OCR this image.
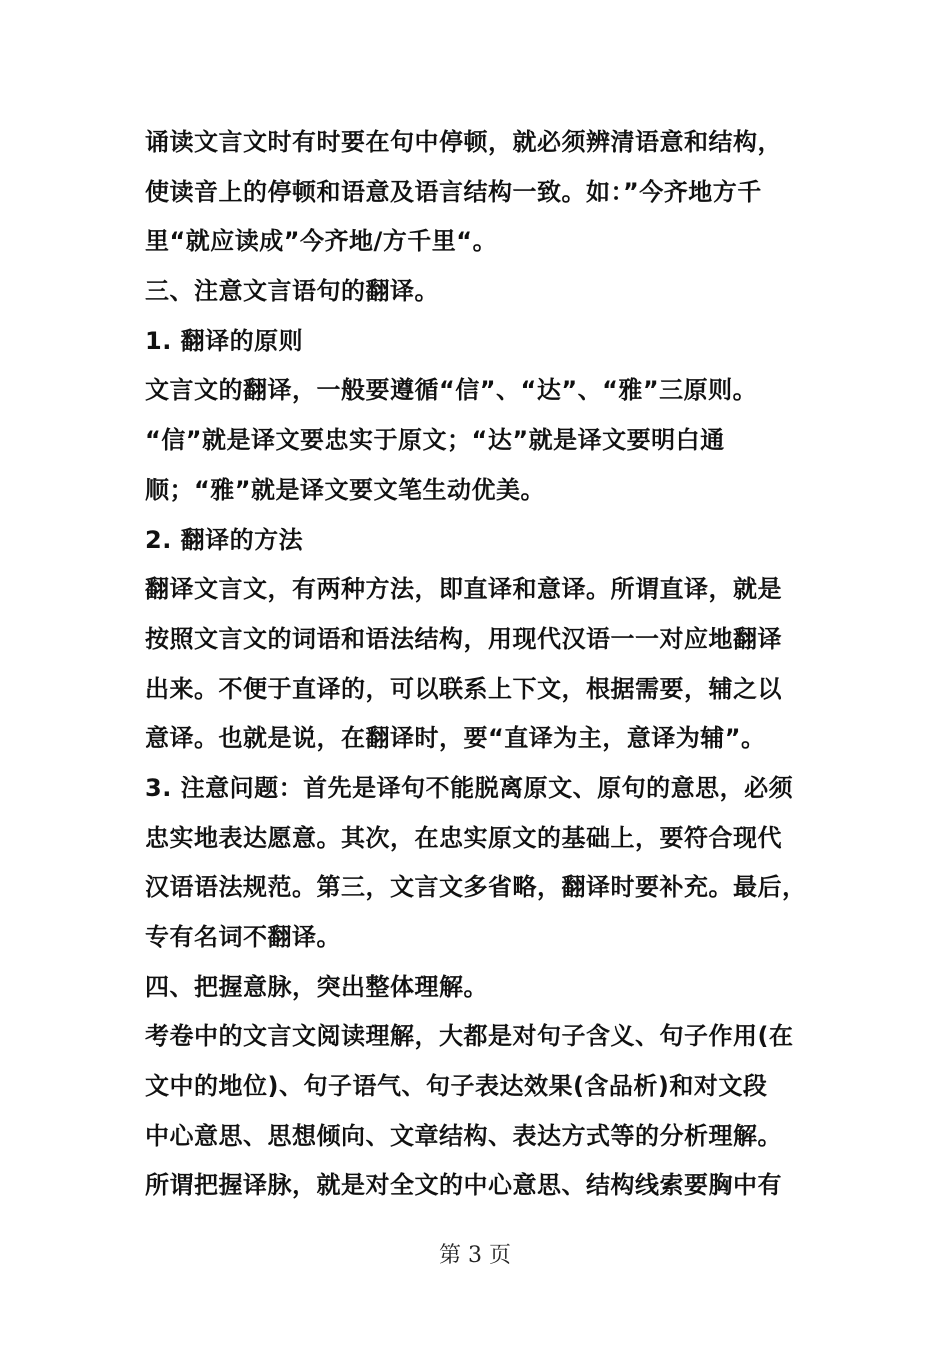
诵读文言文时有时要在句中停顿，就必须辨清语意和结构，
使读音上的停顿和语意及语言结构一致。如：”今齐地方千
里“就应读成”今齐地/方千里“。
三、注意文言语句的翻译。
1. 翻译的原则
文言文的翻译，一般要遵循“信”、“达”、“雅”三原则。
“信”就是译文要忠实于原文；“达”就是译文要明白通
顺；“雅”就是译文要文笔生动优美。
2. 翻译的方法
翻译文言文，有两种方法，即直译和意译。所谓直译，就是
按照文言文的词语和语法结构，用现代汉语一一对应地翻译
出来。不便于直译的，可以联系上下文，根据需要，辅之以
意译。也就是说，在翻译时，要“直译为主，意译为辅”。
3. 注意问题：首先是译句不能脱离原文、原句的意思，必须
忠实地表达愿意。其次，在忠实原文的基础上，要符合现代
汉语语法规范。第三，文言文多省略，翻译时要补充。最后，
专有名词不翻译。
四、把握意脉，突出整体理解。
考卷中的文言文阅读理解，大都是对句子含义、句子作用(在
文中的地位)、句子语气、句子表达效果(含品析)和对文段
中心意思、思想倾向、文章结构、表达方式等的分析理解。
所谓把握译脉，就是对全文的中心意思、结构线索要胸中有
第 3 页
